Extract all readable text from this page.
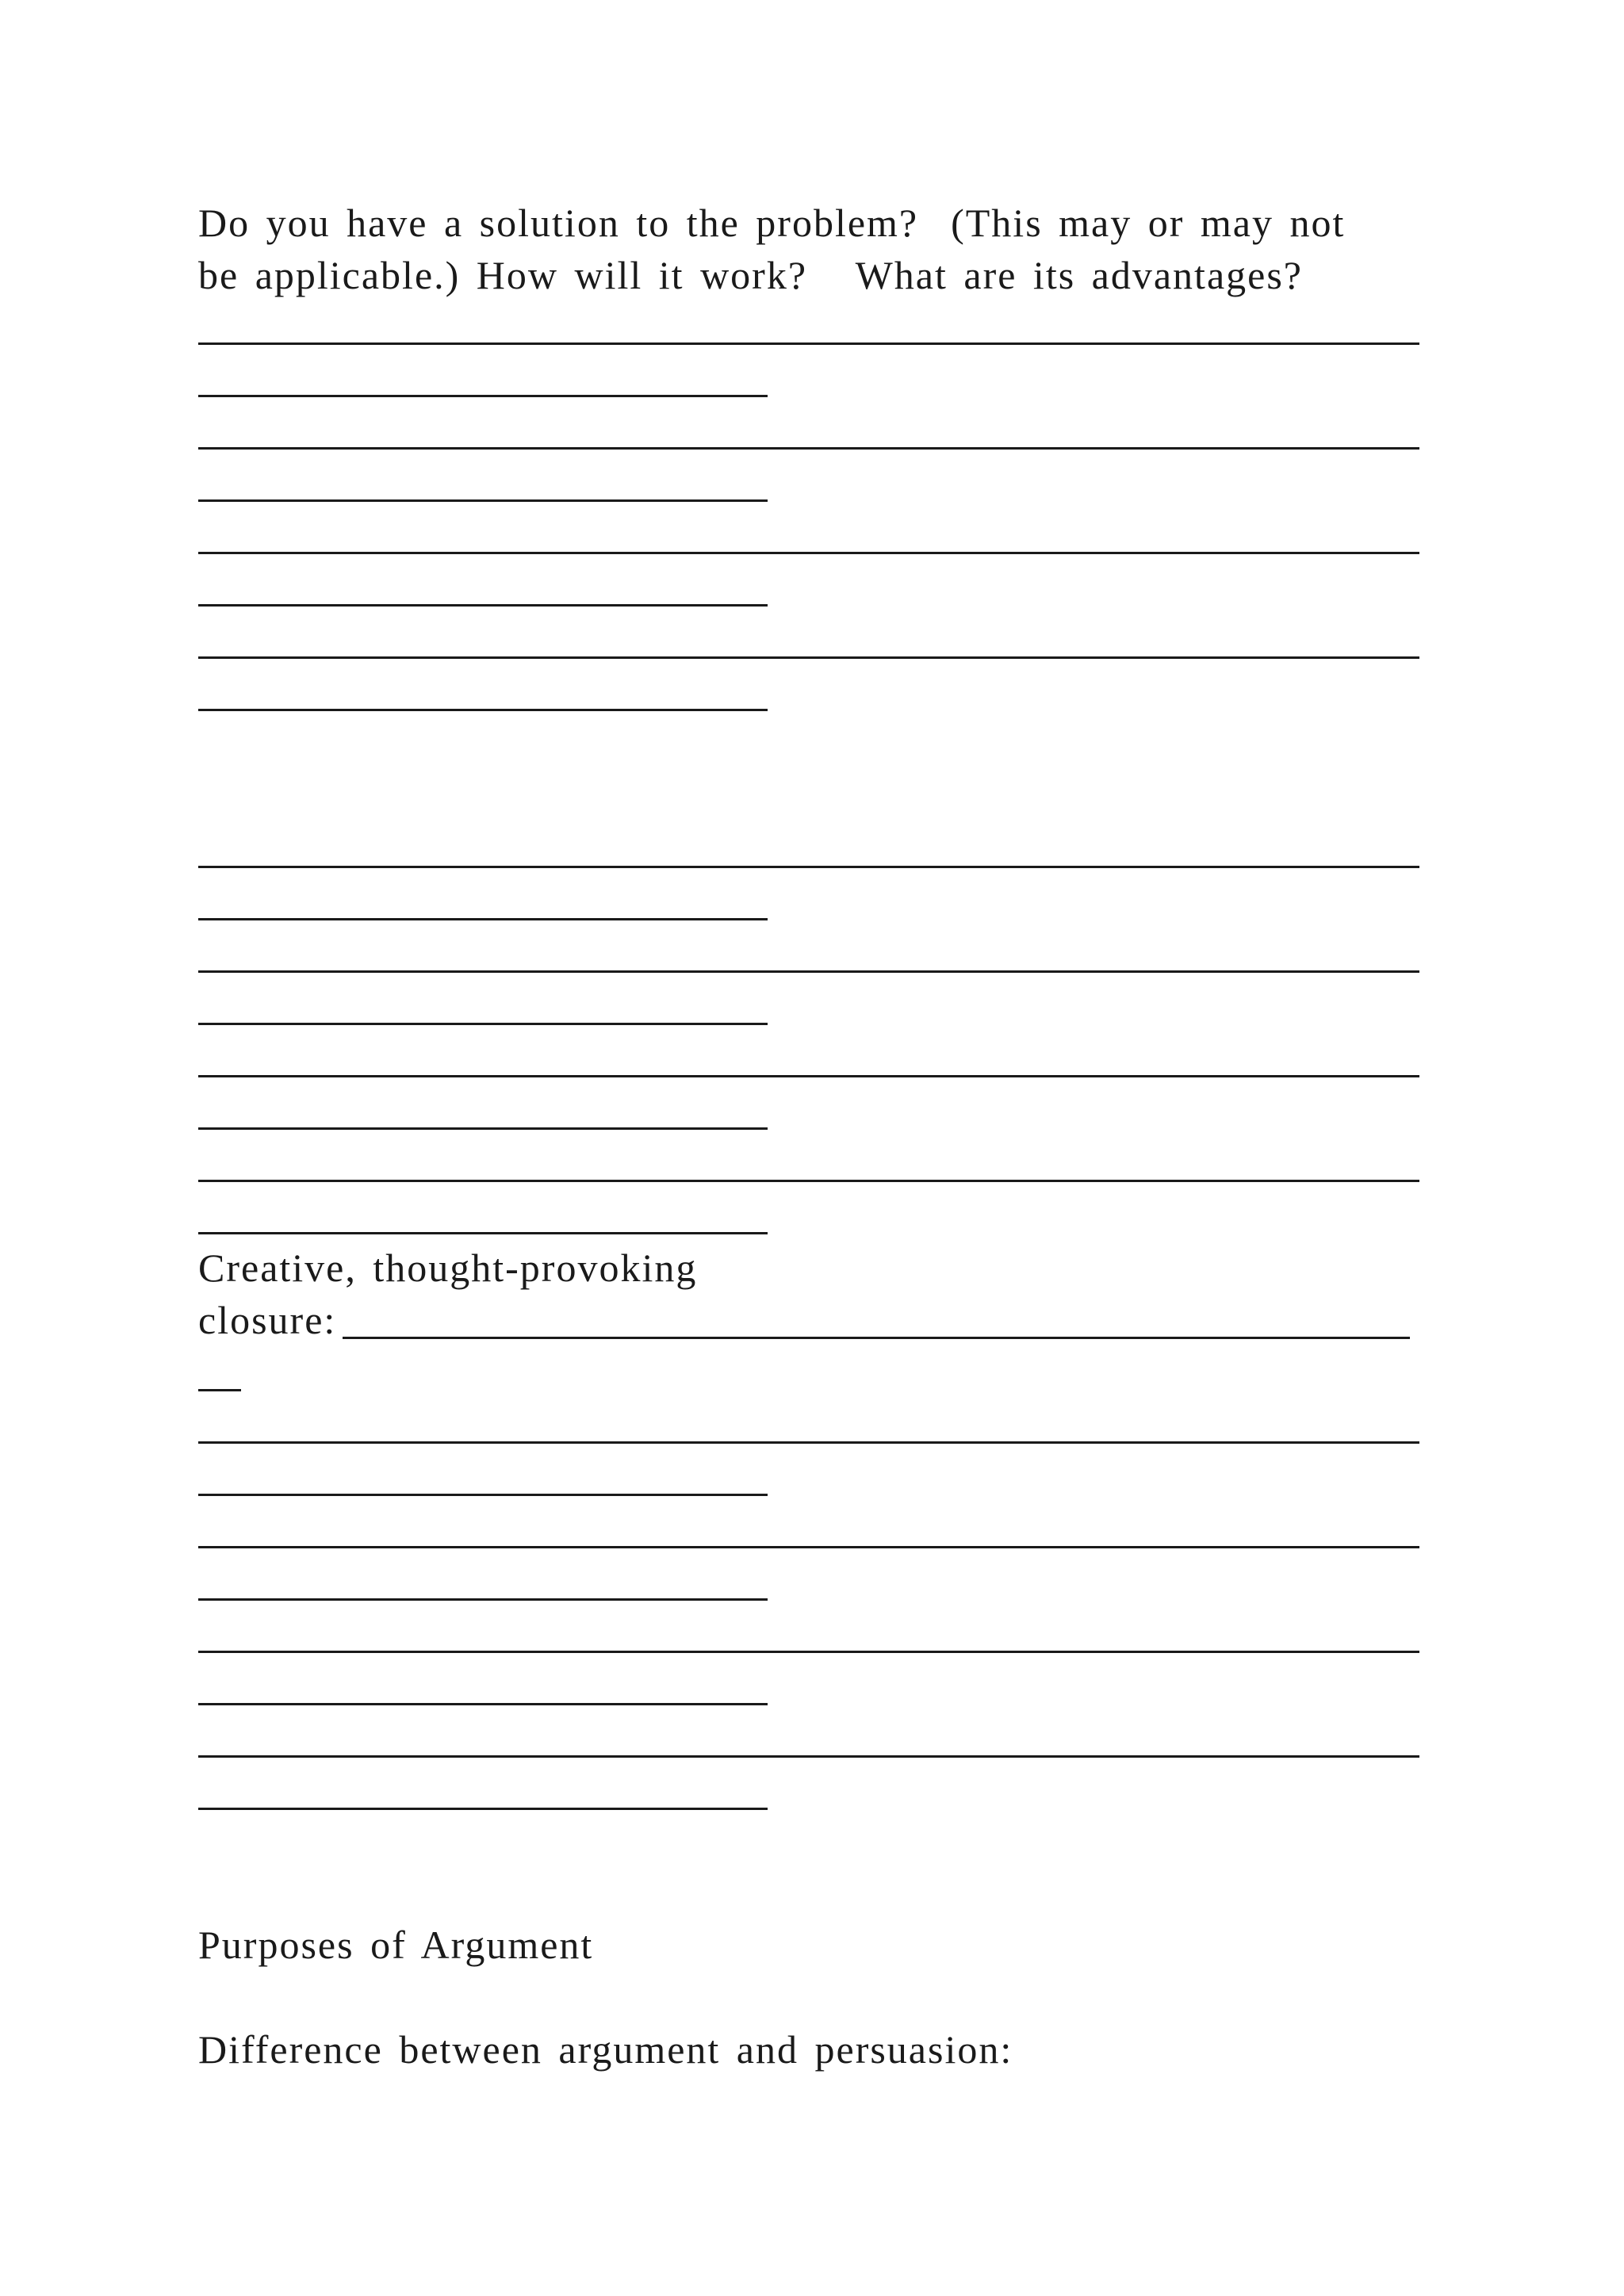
Do you have a solution to the problem?  (This may or may not
be applicable.) How will it work?   What are its advantages?
Creative, thought-provoking
closure:
Purposes of Argument
Difference between argument and persuasion:
